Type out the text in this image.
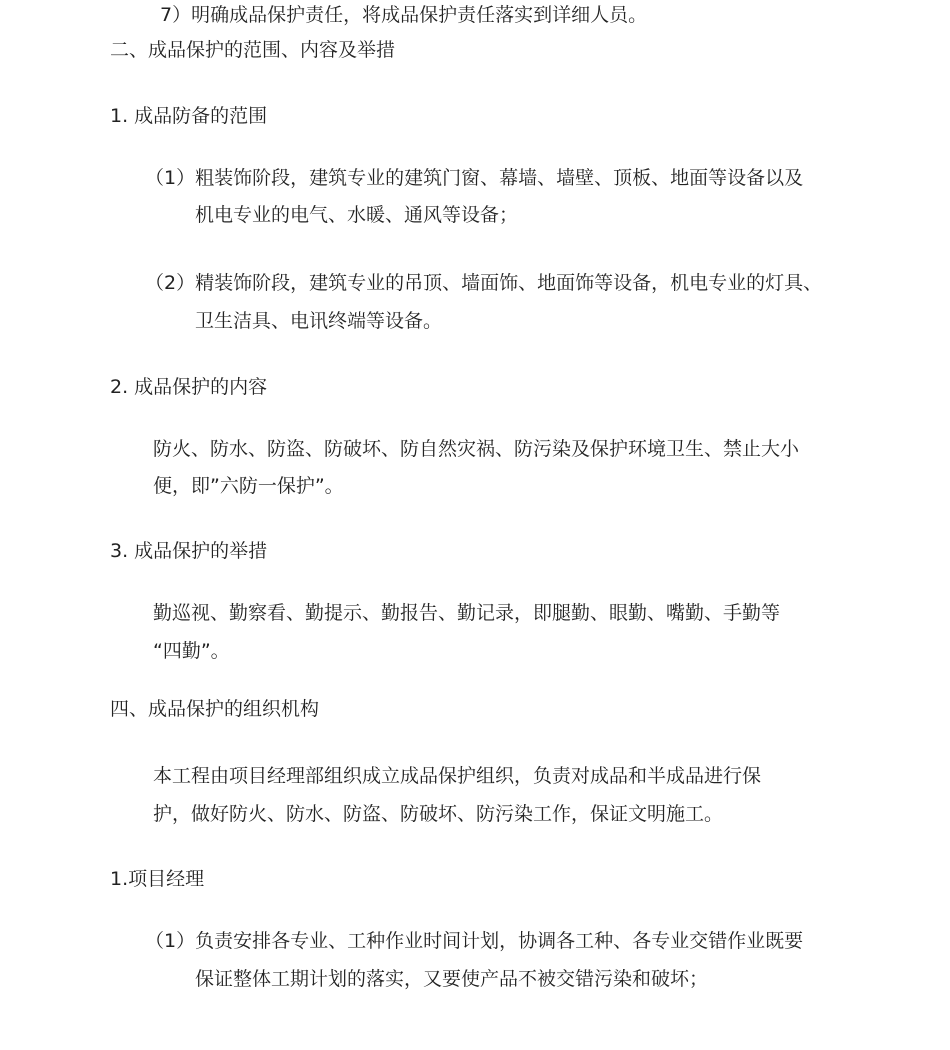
7）明确成品保护责任，将成品保护责任落实到详细人员。
二、成品保护的范围、内容及举措
1. 成品防备的范围
（1）粗装饰阶段，建筑专业的建筑门窗、幕墙、墙壁、顶板、地面等设备以及
机电专业的电气、水暖、通风等设备；
（2）精装饰阶段，建筑专业的吊顶、墙面饰、地面饰等设备，机电专业的灯具、
卫生洁具、电讯终端等设备。
2. 成品保护的内容
防火、防水、防盗、防破坏、防自然灾祸、防污染及保护环境卫生、禁止大小
便，即”六防一保护”。
3. 成品保护的举措
勤巡视、勤察看、勤提示、勤报告、勤记录，即腿勤、眼勤、嘴勤、手勤等
“四勤”。
四、成品保护的组织机构
本工程由项目经理部组织成立成品保护组织，负责对成品和半成品进行保
护，做好防火、防水、防盗、防破坏、防污染工作，保证文明施工。
1.项目经理
（1）负责安排各专业、工种作业时间计划，协调各工种、各专业交错作业既要
保证整体工期计划的落实，又要使产品不被交错污染和破坏；
